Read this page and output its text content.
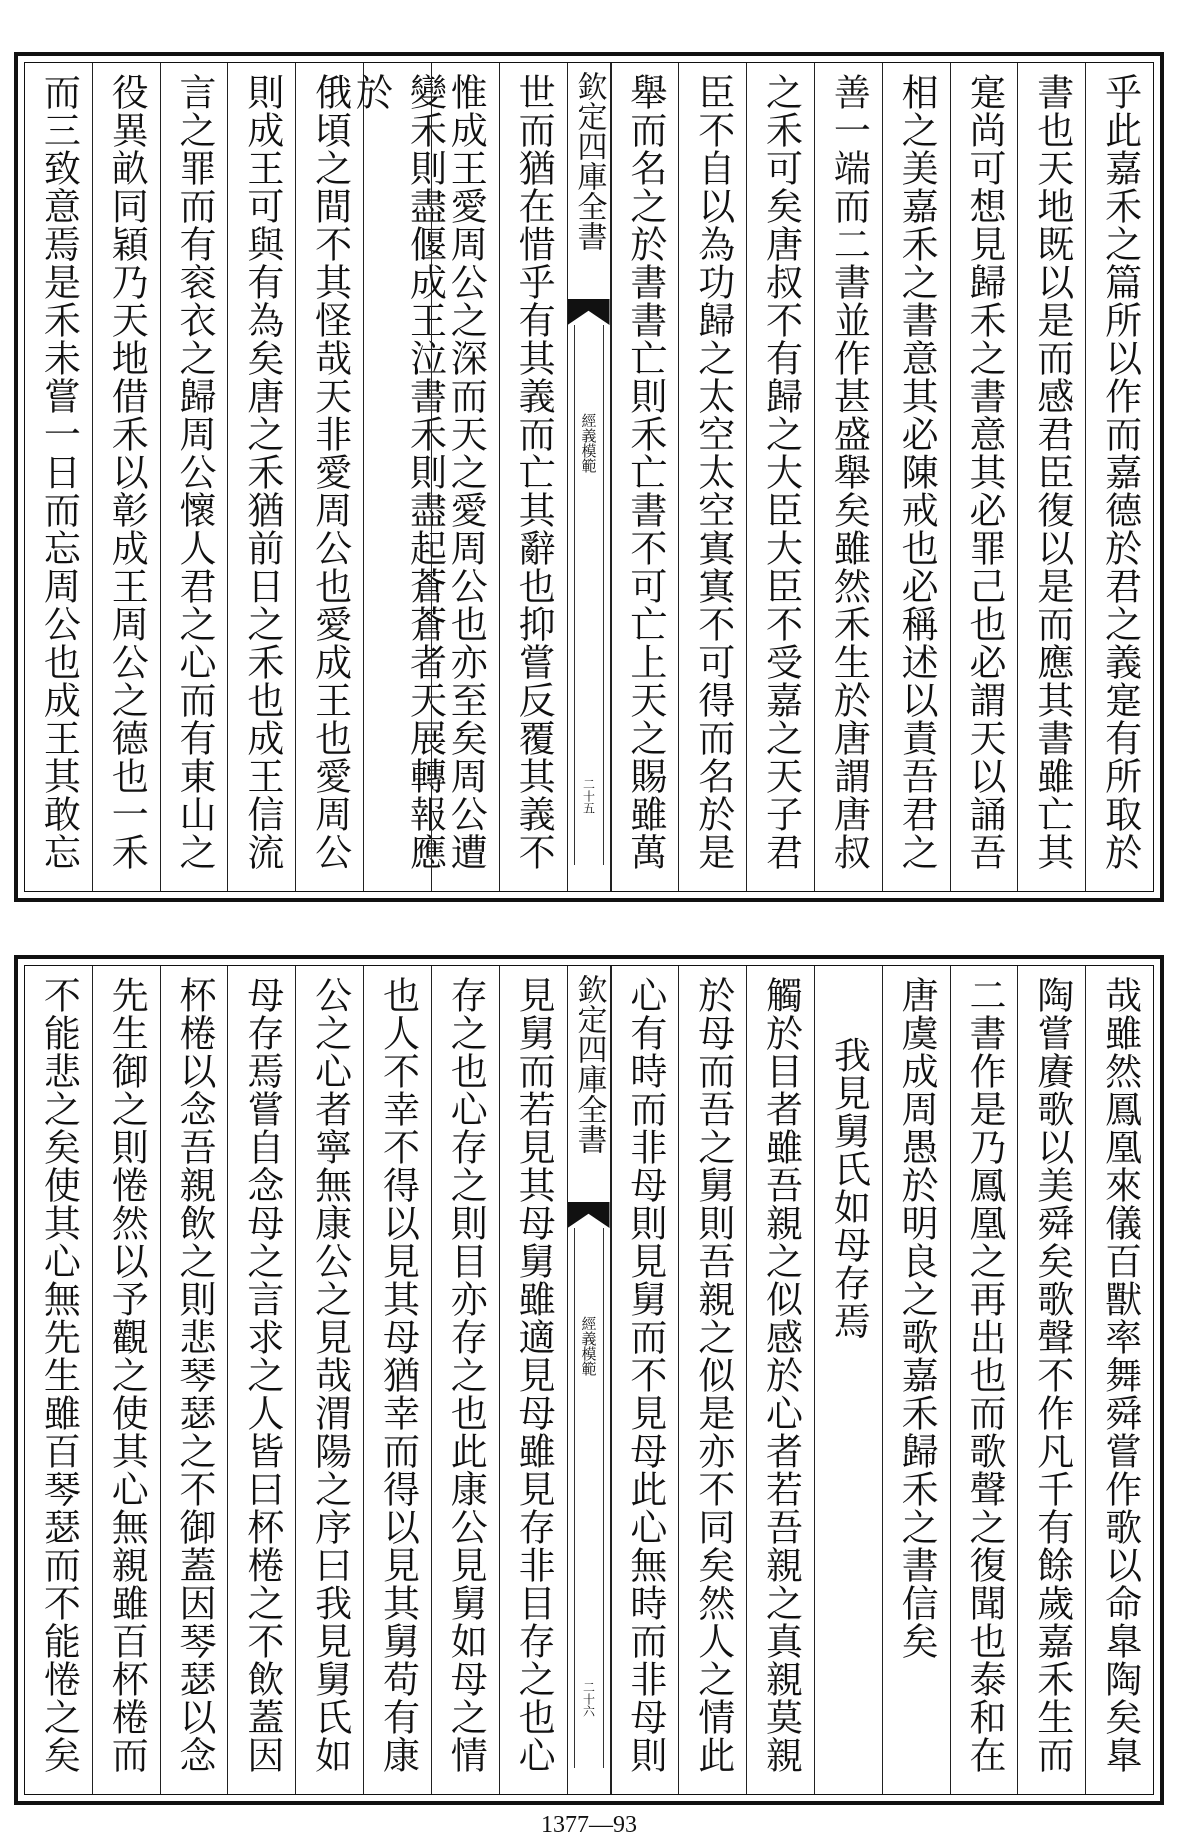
乎此嘉禾之篇所以作而嘉德於君之義寔有所取於
書也天地既以是而感君臣復以是而應其書雖亡其
寔尚可想見歸禾之書意其必罪己也必謂天以誦吾
相之美嘉禾之書意其必陳戒也必稱述以責吾君之
善一端而二書並作甚盛舉矣雖然禾生於唐謂唐叔
之禾可矣唐叔不有歸之大臣大臣不受嘉之天子君
臣不自以為功歸之太空太空寘寘不可得而名於是
舉而名之於書書亡則禾亡書不可亡上天之賜雖萬
欽定四庫全書
經義模範
二十五
世而猶在惜乎有其義而亡其辭也抑嘗反覆其義不
惟成王愛周公之深而天之愛周公也亦至矣周公遭
變禾則盡偃成王泣書禾則盡起蒼蒼者天展轉報應於
俄頃之間不其怪哉天非愛周公也愛成王也愛周公
則成王可與有為矣唐之禾猶前日之禾也成王信流
言之罪而有衮衣之歸周公懷人君之心而有東山之
役異畝同穎乃天地借禾以彰成王周公之德也一禾
而三致意焉是禾未嘗一日而忘周公也成王其敢忘
哉雖然鳳凰來儀百獸率舞舜嘗作歌以命臯陶矣臯
陶嘗賡歌以美舜矣歌聲不作凡千有餘歲嘉禾生而
二書作是乃鳳凰之再出也而歌聲之復聞也泰和在
唐虞成周愚於明良之歌嘉禾歸禾之書信矣
我見舅氏如母存焉
觸於目者雖吾親之似感於心者若吾親之真親莫親
於母而吾之舅則吾親之似是亦不同矣然人之情此
心有時而非母則見舅而不見母此心無時而非母則
欽定四庫全書
經義模範
二十六
見舅而若見其母舅雖適見母雖見存非目存之也心
存之也心存之則目亦存之也此康公見舅如母之情
也人不幸不得以見其母猶幸而得以見其舅苟有康
公之心者寧無康公之見哉渭陽之序曰我見舅氏如
母存焉嘗自念母之言求之人皆曰杯棬之不飲蓋因
杯棬以念吾親飲之則悲琴瑟之不御蓋因琴瑟以念
先生御之則惓然以予觀之使其心無親雖百杯棬而
不能悲之矣使其心無先生雖百琴瑟而不能惓之矣
1377—93
